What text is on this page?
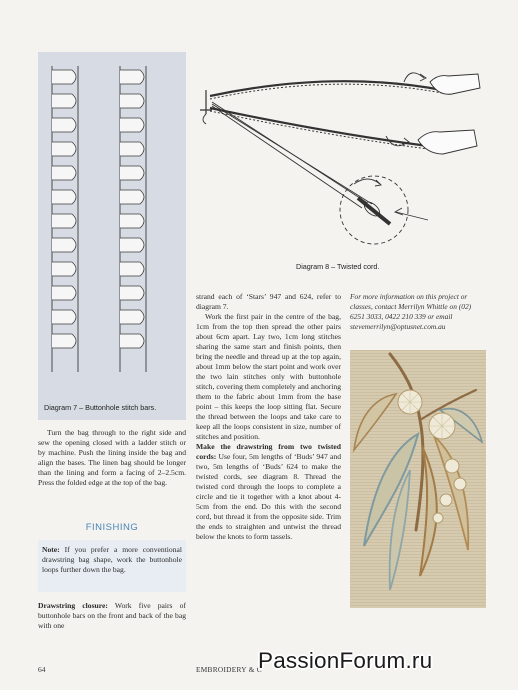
Diagram 7 – Buttonhole stitch bars.
Diagram 8 – Twisted cord.

Turn the bag through to the right side and sew the opening closed with a ladder stitch or by machine. Push the lining inside the bag and align the bases. The linen bag should be longer than the lining and form a facing of 2–2.5cm. Press the folded edge at the top of the bag.

FINISHING
Note: If you prefer a more conventional drawstring bag shape, work the buttonhole loops further down the bag.

Drawstring closure: Work five pairs of buttonhole bars on the front and back of the bag with one

strand each of ‘Stars’ 947 and 624, refer to diagram 7.

Work the first pair in the centre of the bag, 1cm from the top then spread the other pairs about 6cm apart. Lay two, 1cm long stitches sharing the same start and finish points, then bring the needle and thread up at the top again, about 1mm below the start point and work over the two lain stitches only with buttonhole stitch, covering them completely and anchoring them to the fabric about 1mm from the base point – this keeps the loop sitting flat. Secure the thread between the loops and take care to keep all the loops consistent in size, number of stitches and position.

Make the drawstring from two twisted cords: Use four, 5m lengths of ‘Buds’ 947 and two, 5m lengths of ‘Buds’ 624 to make the twisted cords, see diagram 8. Thread the twisted cord through the loops to complete a circle and tie it together with a knot about 4-5cm from the end. Do this with the second cord, but thread it from the opposite side. Trim the ends to straighten and untwist the thread below the knots to form tassels.

For more information on this project or classes, contact Merrilyn Whittle on (02) 6251 3033, 0422 210 339 or email stevemerrilyn@optusnet.com.au
64	EMBROIDERY & C
PassionForum.ru
